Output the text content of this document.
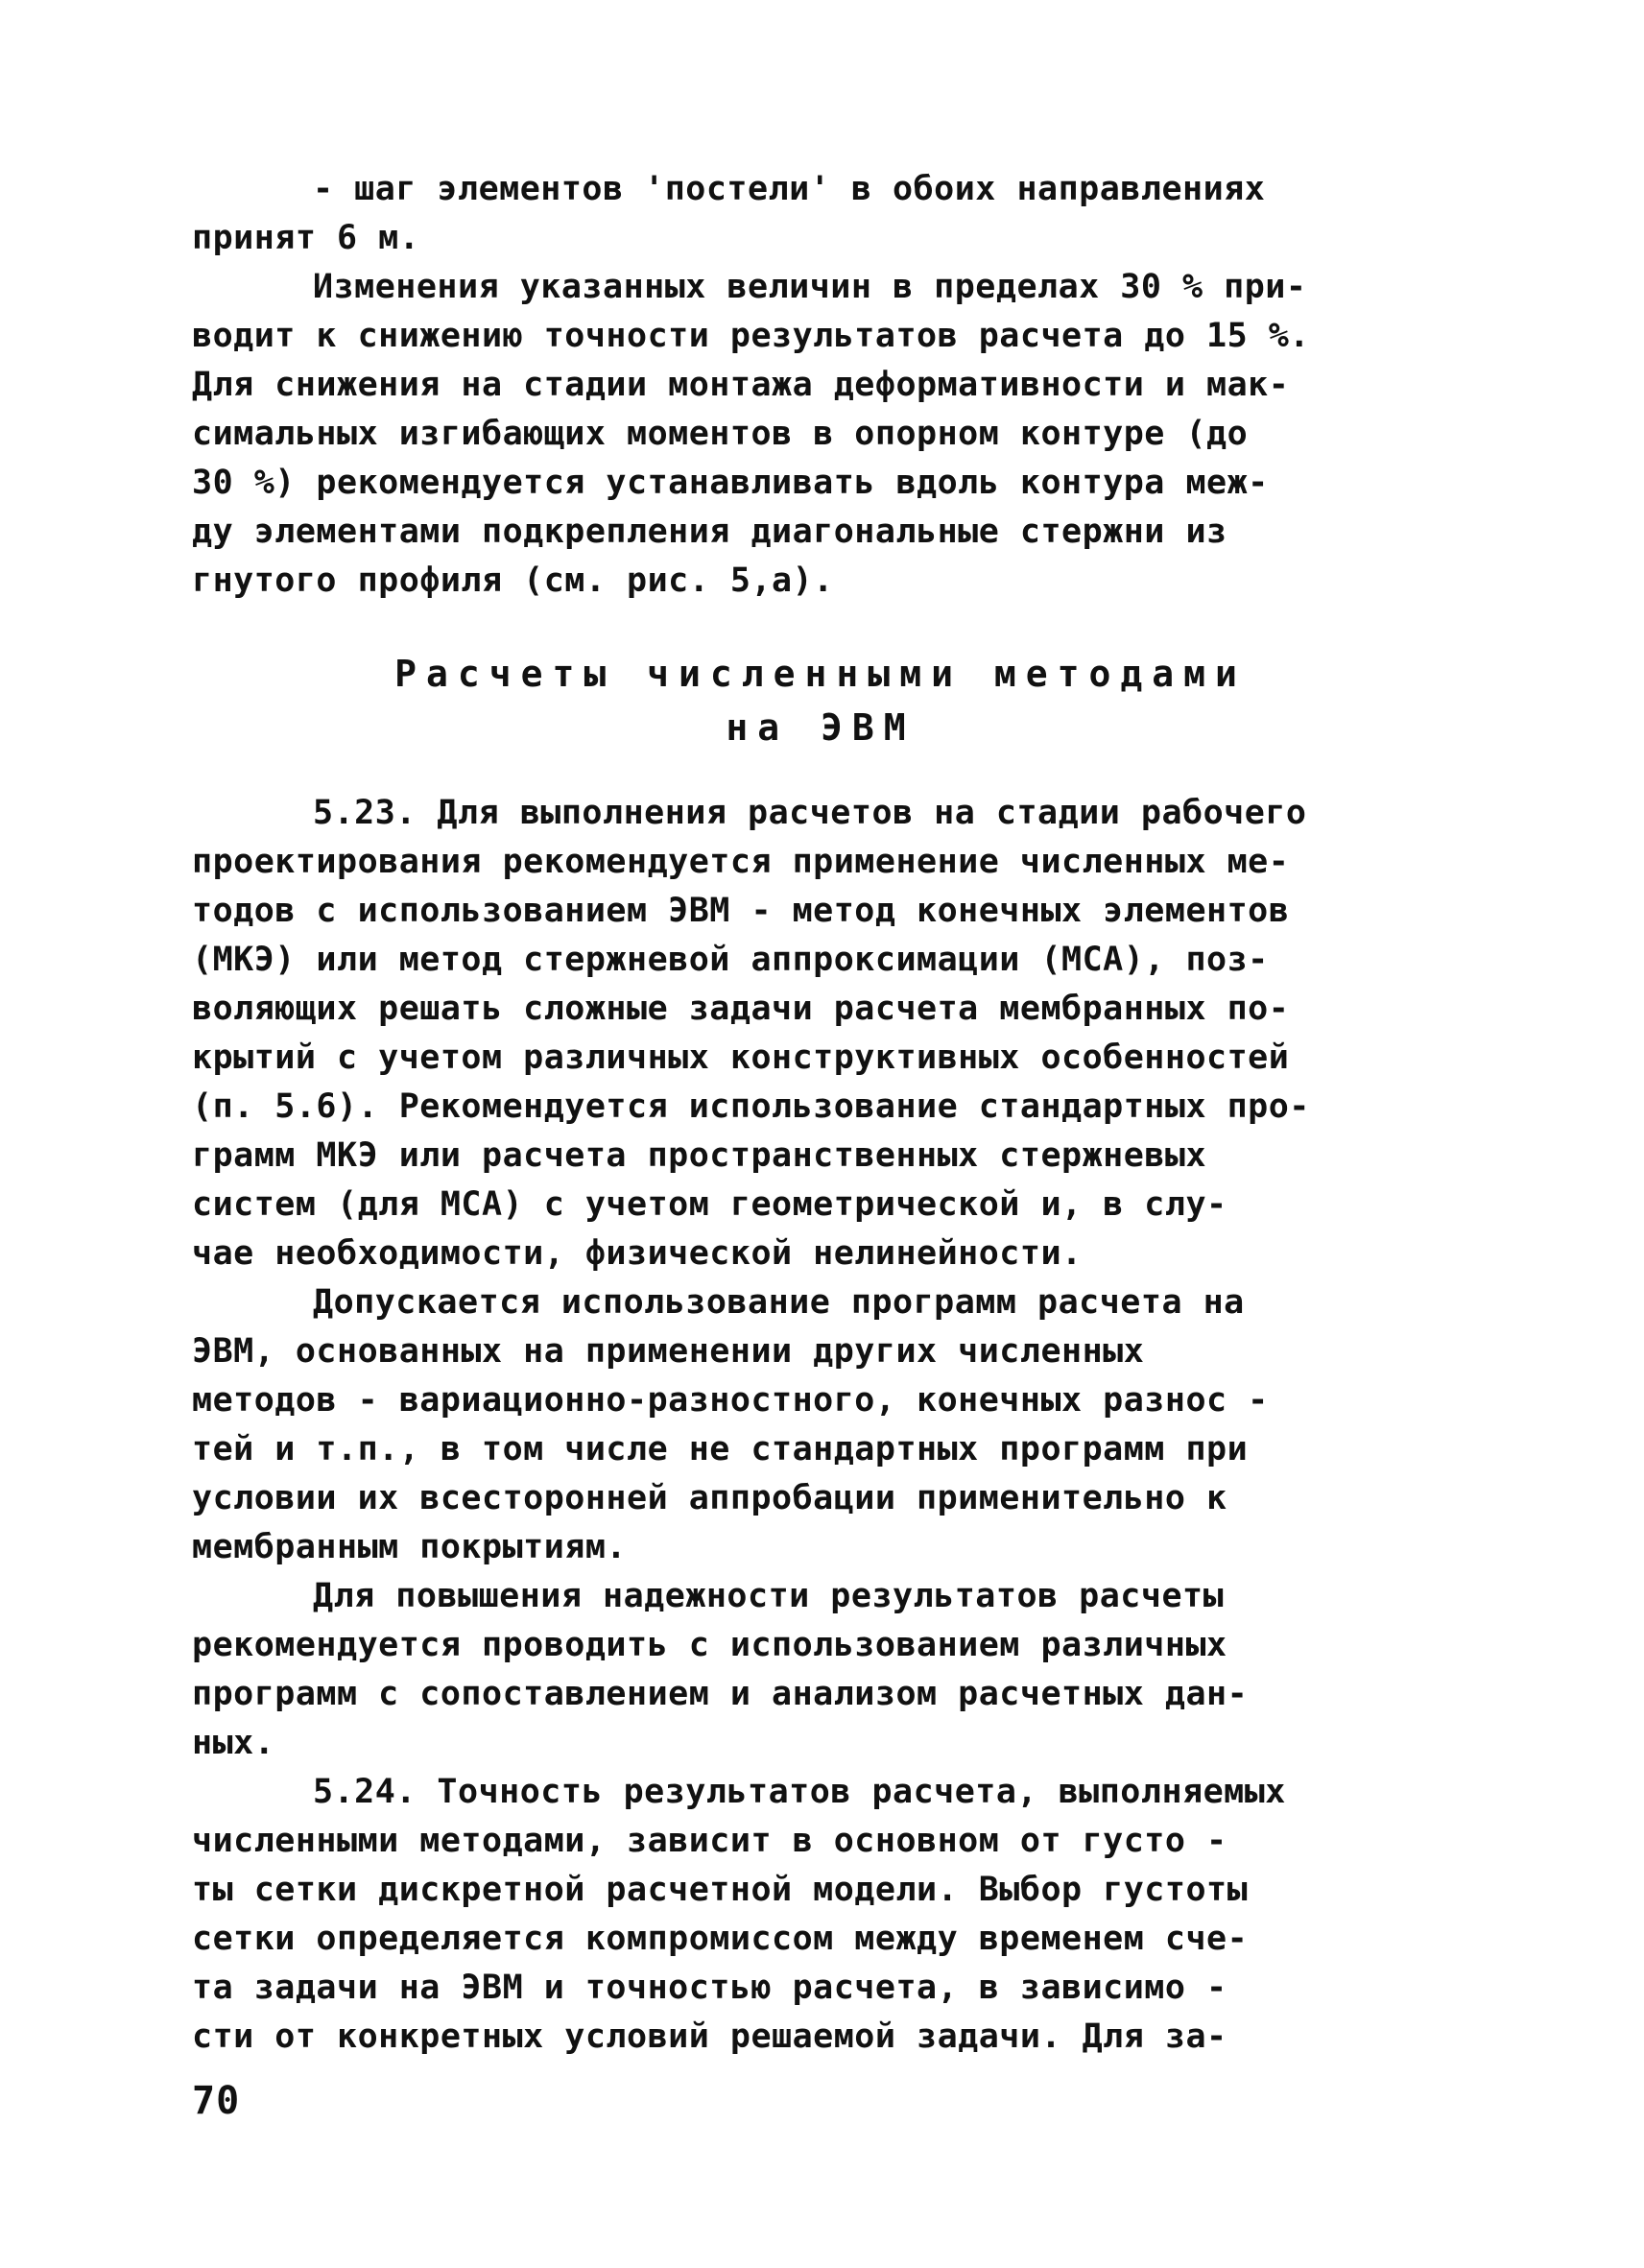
- шаг элементов 'постели' в обоих направлениях
принят 6 м.
Изменения указанных величин в пределах 30 % при-
водит к снижению точности результатов расчета до 15 %.
Для снижения на стадии монтажа деформативности и мак-
симальных изгибающих моментов в опорном контуре (до
30 %) рекомендуется устанавливать вдоль контура меж-
ду элементами подкрепления диагональные стержни из
гнутого профиля (см. рис. 5,а).
Расчеты численными методами
на ЭВМ
5.23. Для выполнения расчетов на стадии рабочего
проектирования рекомендуется применение численных ме-
тодов с использованием ЭВМ - метод конечных элементов
(МКЭ) или метод стержневой аппроксимации (МСА), поз-
воляющих решать сложные задачи расчета мембранных по-
крытий с учетом различных конструктивных особенностей
(п. 5.6). Рекомендуется использование стандартных про-
грамм МКЭ или расчета пространственных стержневых
систем (для МСА) с учетом геометрической и, в слу-
чае необходимости, физической нелинейности.
Допускается использование программ расчета на
ЭВМ, основанных на применении других численных
методов - вариационно-разностного, конечных разнос -
тей и т.п., в том числе не стандартных программ при
условии их всесторонней аппробации применительно к
мембранным покрытиям.
Для повышения надежности результатов расчеты
рекомендуется проводить с использованием различных
программ с сопоставлением и анализом расчетных дан-
ных.
5.24. Точность результатов расчета, выполняемых
численными методами, зависит в основном от густо -
ты сетки дискретной расчетной модели. Выбор густоты
сетки определяется компромиссом между временем сче-
та задачи на ЭВМ и точностью расчета, в зависимо -
сти от конкретных условий решаемой задачи. Для за-
70
